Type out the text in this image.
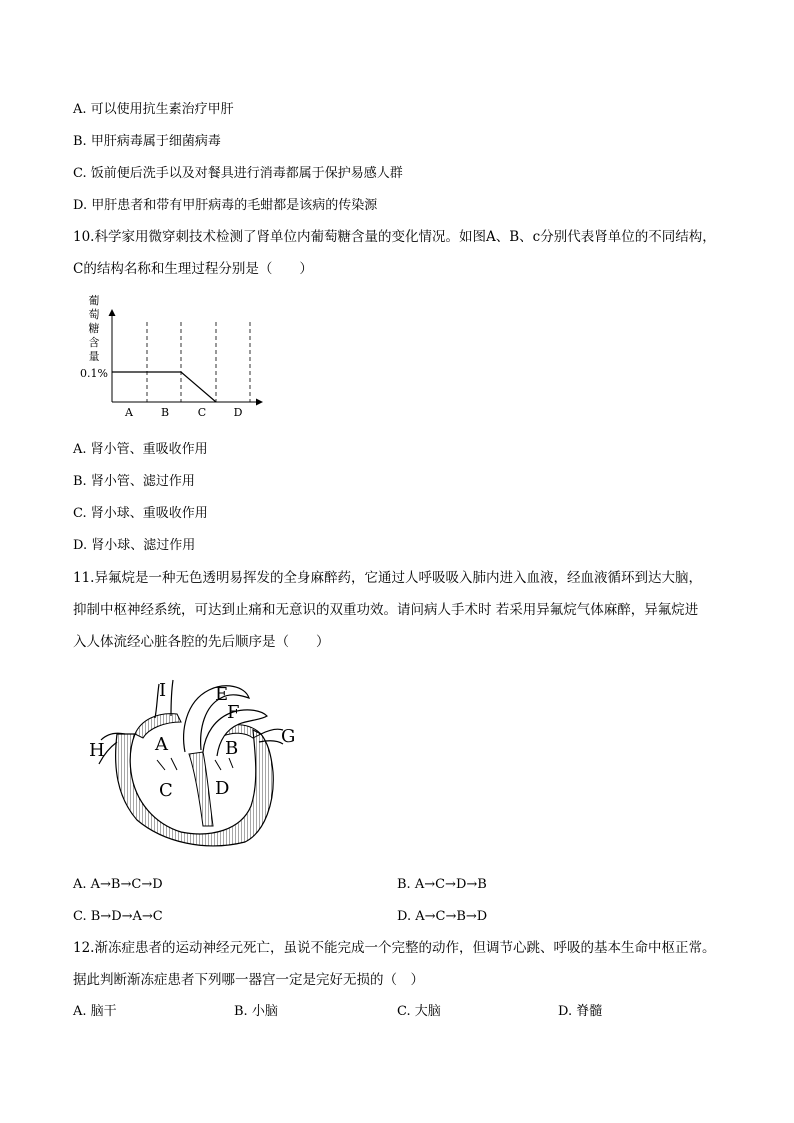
A. 可以使用抗生素治疗甲肝
B. 甲肝病毒属于细菌病毒
C. 饭前便后洗手以及对餐具进行消毒都属于保护易感人群
D. 甲肝患者和带有甲肝病毒的毛蚶都是该病的传染源
10.科学家用微穿刺技术检测了肾单位内葡萄糖含量的变化情况。如图A、B、c分别代表肾单位的不同结构，
C的结构名称和生理过程分别是（　　）
葡
萄
糖
含
量
0.1%
A	B	C D
A. 肾小管、重吸收作用
B. 肾小管、滤过作用
C. 肾小球、重吸收作用
D. 肾小球、滤过作用
11.异氟烷是一种无色透明易挥发的全身麻醉药，它通过人呼吸吸入肺内进入血液，经血液循环到达大脑，
抑制中枢神经系统，可达到止痛和无意识的双重功效。请问病人手术时 若采用异氟烷气体麻醉，异氟烷进
入人体流经心脏各腔的先后顺序是（　　）
I	E
F
G
H	A	B
C D
A. A→B→C→D	B. A→C→D→B
C. B→D→A→C	D. A→C→B→D
12.渐冻症患者的运动神经元死亡，虽说不能完成一个完整的动作，但调节心跳、呼吸的基本生命中枢正常。
据此判断渐冻症患者下列哪一器宫一定是完好无损的（　）
A. 脑干	B. 小脑	C. 大脑	D. 脊髓
